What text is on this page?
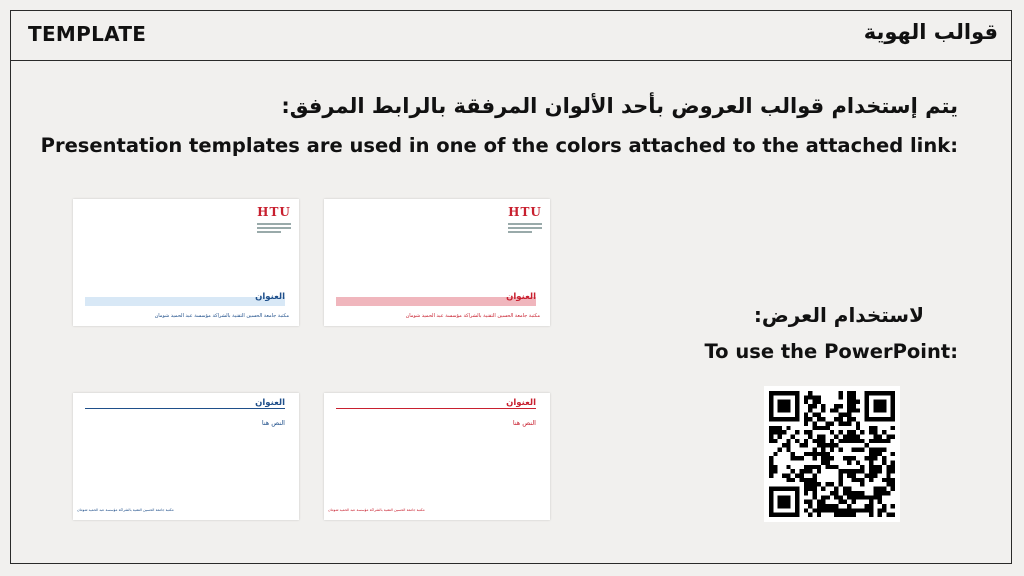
TEMPLATE	قوالب الهوية
يتم إستخدام قوالب العروض بأحد الألوان المرفقة بالرابط المرفق:
Presentation templates are used in one of the colors attached to the attached link:
HTU
العنوان
مكتبة جامعة الحسين التقنية بالشراكة مؤسسة عبد الحميد شومان
HTU
العنوان
مكتبة جامعة الحسين التقنية بالشراكة مؤسسة عبد الحميد شومان
العنوان
النص هنا
مكتبة جامعة الحسين التقنية بالشراكة مؤسسة عبد الحميد شومان
العنوان
النص هنا
مكتبة جامعة الحسين التقنية بالشراكة مؤسسة عبد الحميد شومان
لاستخدام العرض:
To use the PowerPoint:
